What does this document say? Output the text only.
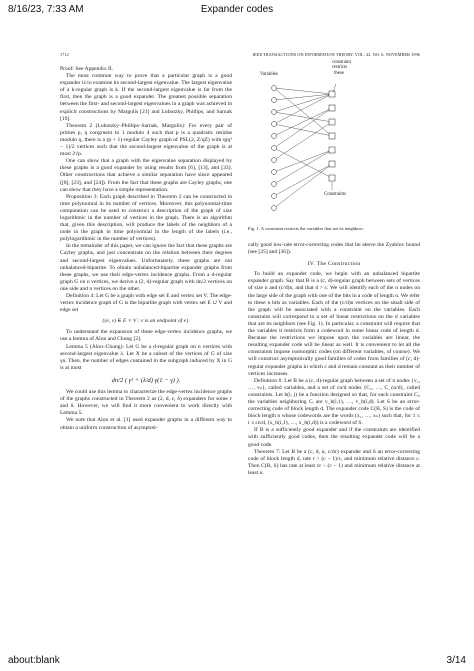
8/16/23, 7:33 AM	Expander codes
1712	IEEE TRANSACTIONS ON INFORMATION THEORY, VOL. 42, NO. 6, NOVEMBER 1996

Proof: See Appendix II.

The most common way to prove that a particular graph is a good expander is to examine its second-largest eigenvalue. The largest eigenvalue of a k-regular graph is k. If the second-largest eigenvalue is far from the first, then the graph is a good expander. The greatest possible separation between the first- and second-largest eigenvalues in a graph was achieved in explicit constructions by Margulis [21] and Lubotzky, Phillips, and Sarnak [19].

Theorem 2 (Lubotzky–Phillips–Sarnak, Margulis): For every pair of primes p, q congruent to 1 modulo 4 such that p is a quadratic residue modulo q, there is a (p + 1)-regular Cayley graph of PSL(2, Z/qZ) with q(q² − 1)/2 vertices such that the second-largest eigenvalue of the graph is at most 2√p.

One can show that a graph with the eigenvalue separation displayed by these graphs is a good expander by using results from [6], [13], and [33]. Other constructions that achieve a similar separation have since appeared ([8], [23], and [24]). From the fact that these graphs are Cayley graphs, one can show that they have a simple representation.

Proposition 3: Each graph described in Theorem 2 can be constructed in time polynomial in its number of vertices. Moreover, this polynomial-time computation can be used to construct a description of the graph of size logarithmic in the number of vertices in the graph. There is an algorithm that, given this description, will produce the labels of the neighbors of a node in the graph in time polynomial in the length of the labels (i.e., polylogarithmic in the number of vertices).

In the remainder of this paper, we can ignore the fact that these graphs are Cayley graphs, and just concentrate on the relation between their degrees and second-largest eigenvalues. Unfortunately, these graphs are not unbalanced-bipartite. To obtain unbalanced-bipartite expander graphs from these graphs, we use their edge-vertex incidence graphs. From a d-regular graph G on n vertices, we derive a (2, d)-regular graph with dn/2 vertices on one side and n vertices on the other.

Definition 4: Let G be a graph with edge set E and vertex set V. The edge-vertex incidence graph of G is the bipartite graph with vertex set E ∪ V and edge set

{(e, v) ∈ E × V : v is an endpoint of e}.

To understand the expansion of these edge-vertex incidence graphs, we use a lemma of Alon and Chung [2].

Lemma 5 (Alon–Chung): Let G be a d-regular graph on n vertices with second-largest eigenvalue λ. Let X be a subset of the vertices of G of size γn. Then, the number of edges contained in the subgraph induced by X in G is at most

dn/2 ( γ² + (λ/d) γ(1 − γ) ).

We could use this lemma to characterize the edge-vertex incidence graphs of the graphs constructed in Theorem 2 as (2, d, ε, δ) expanders for some ε and δ. However, we will find it more convenient to work directly with Lemma 5.

We note that Alon et al. [1] used expander graphs in a different way to obtain a uniform construction of asymptoti-

Variables
constraint
restricts
these
Constraints
Fig. 1. A constraint restricts the variables that are its neighbors.

cally good low-rate error-correcting codes that lie above the Zyablov bound (see [25] and [36]).

IV. The Construction

To build an expander code, we begin with an unbalanced bipartite expander graph. Say that B is a (c, d)-regular graph between sets of vertices of size n and (c/d)n, and that d > c. We will identify each of the n nodes on the large side of the graph with one of the bits in a code of length n. We refer to these n bits as variables. Each of the (c/d)n vertices on the small side of the graph will be associated with a constraint on the variables. Each constraint will correspond to a set of linear restrictions on the d variables that are its neighbors (see Fig. 1). In particular, a constraint will require that the variables it restricts form a codeword in some linear code of length d. Because the restrictions we impose upon the variables are linear, the resulting expander code will be linear as well. It is convenient to let all the constraints impose isomorphic codes (on different variables, of course). We will construct asymptotically good families of codes from families of (c, d)-regular expander graphs in which c and d remain constant as their number of vertices increases.

Definition 6: Let B be a (c, d)-regular graph between a set of n nodes {v₁, …, vₙ}, called variables, and a set of cn/d nodes {C₁, …, C_cn/d}, called constraints. Let b(i, j) be a function designed so that, for each constraint Cᵢ, the variables neighboring Cᵢ are v_b(i,1), …, v_b(i,d). Let S be an error-correcting code of block length d. The expander code C(B, S) is the code of block length n whose codewords are the words (x₁, …, xₙ) such that, for 1 ≤ i ≤ cn/d, (x_b(i,1), …, x_b(i,d)) is a codeword of S.

If B is a sufficiently good expander and if the constraints are identified with sufficiently good codes, then the resulting expander code will be a good code.

Theorem 7: Let B be a (c, d, α, c/dε) expander and S an error-correcting code of block length d, rate r > (c − 1)/c, and minimum relative distance ε. Then C(B, S) has rate at least cr − (c − 1) and minimum relative distance at least α.

about:blank	3/14
